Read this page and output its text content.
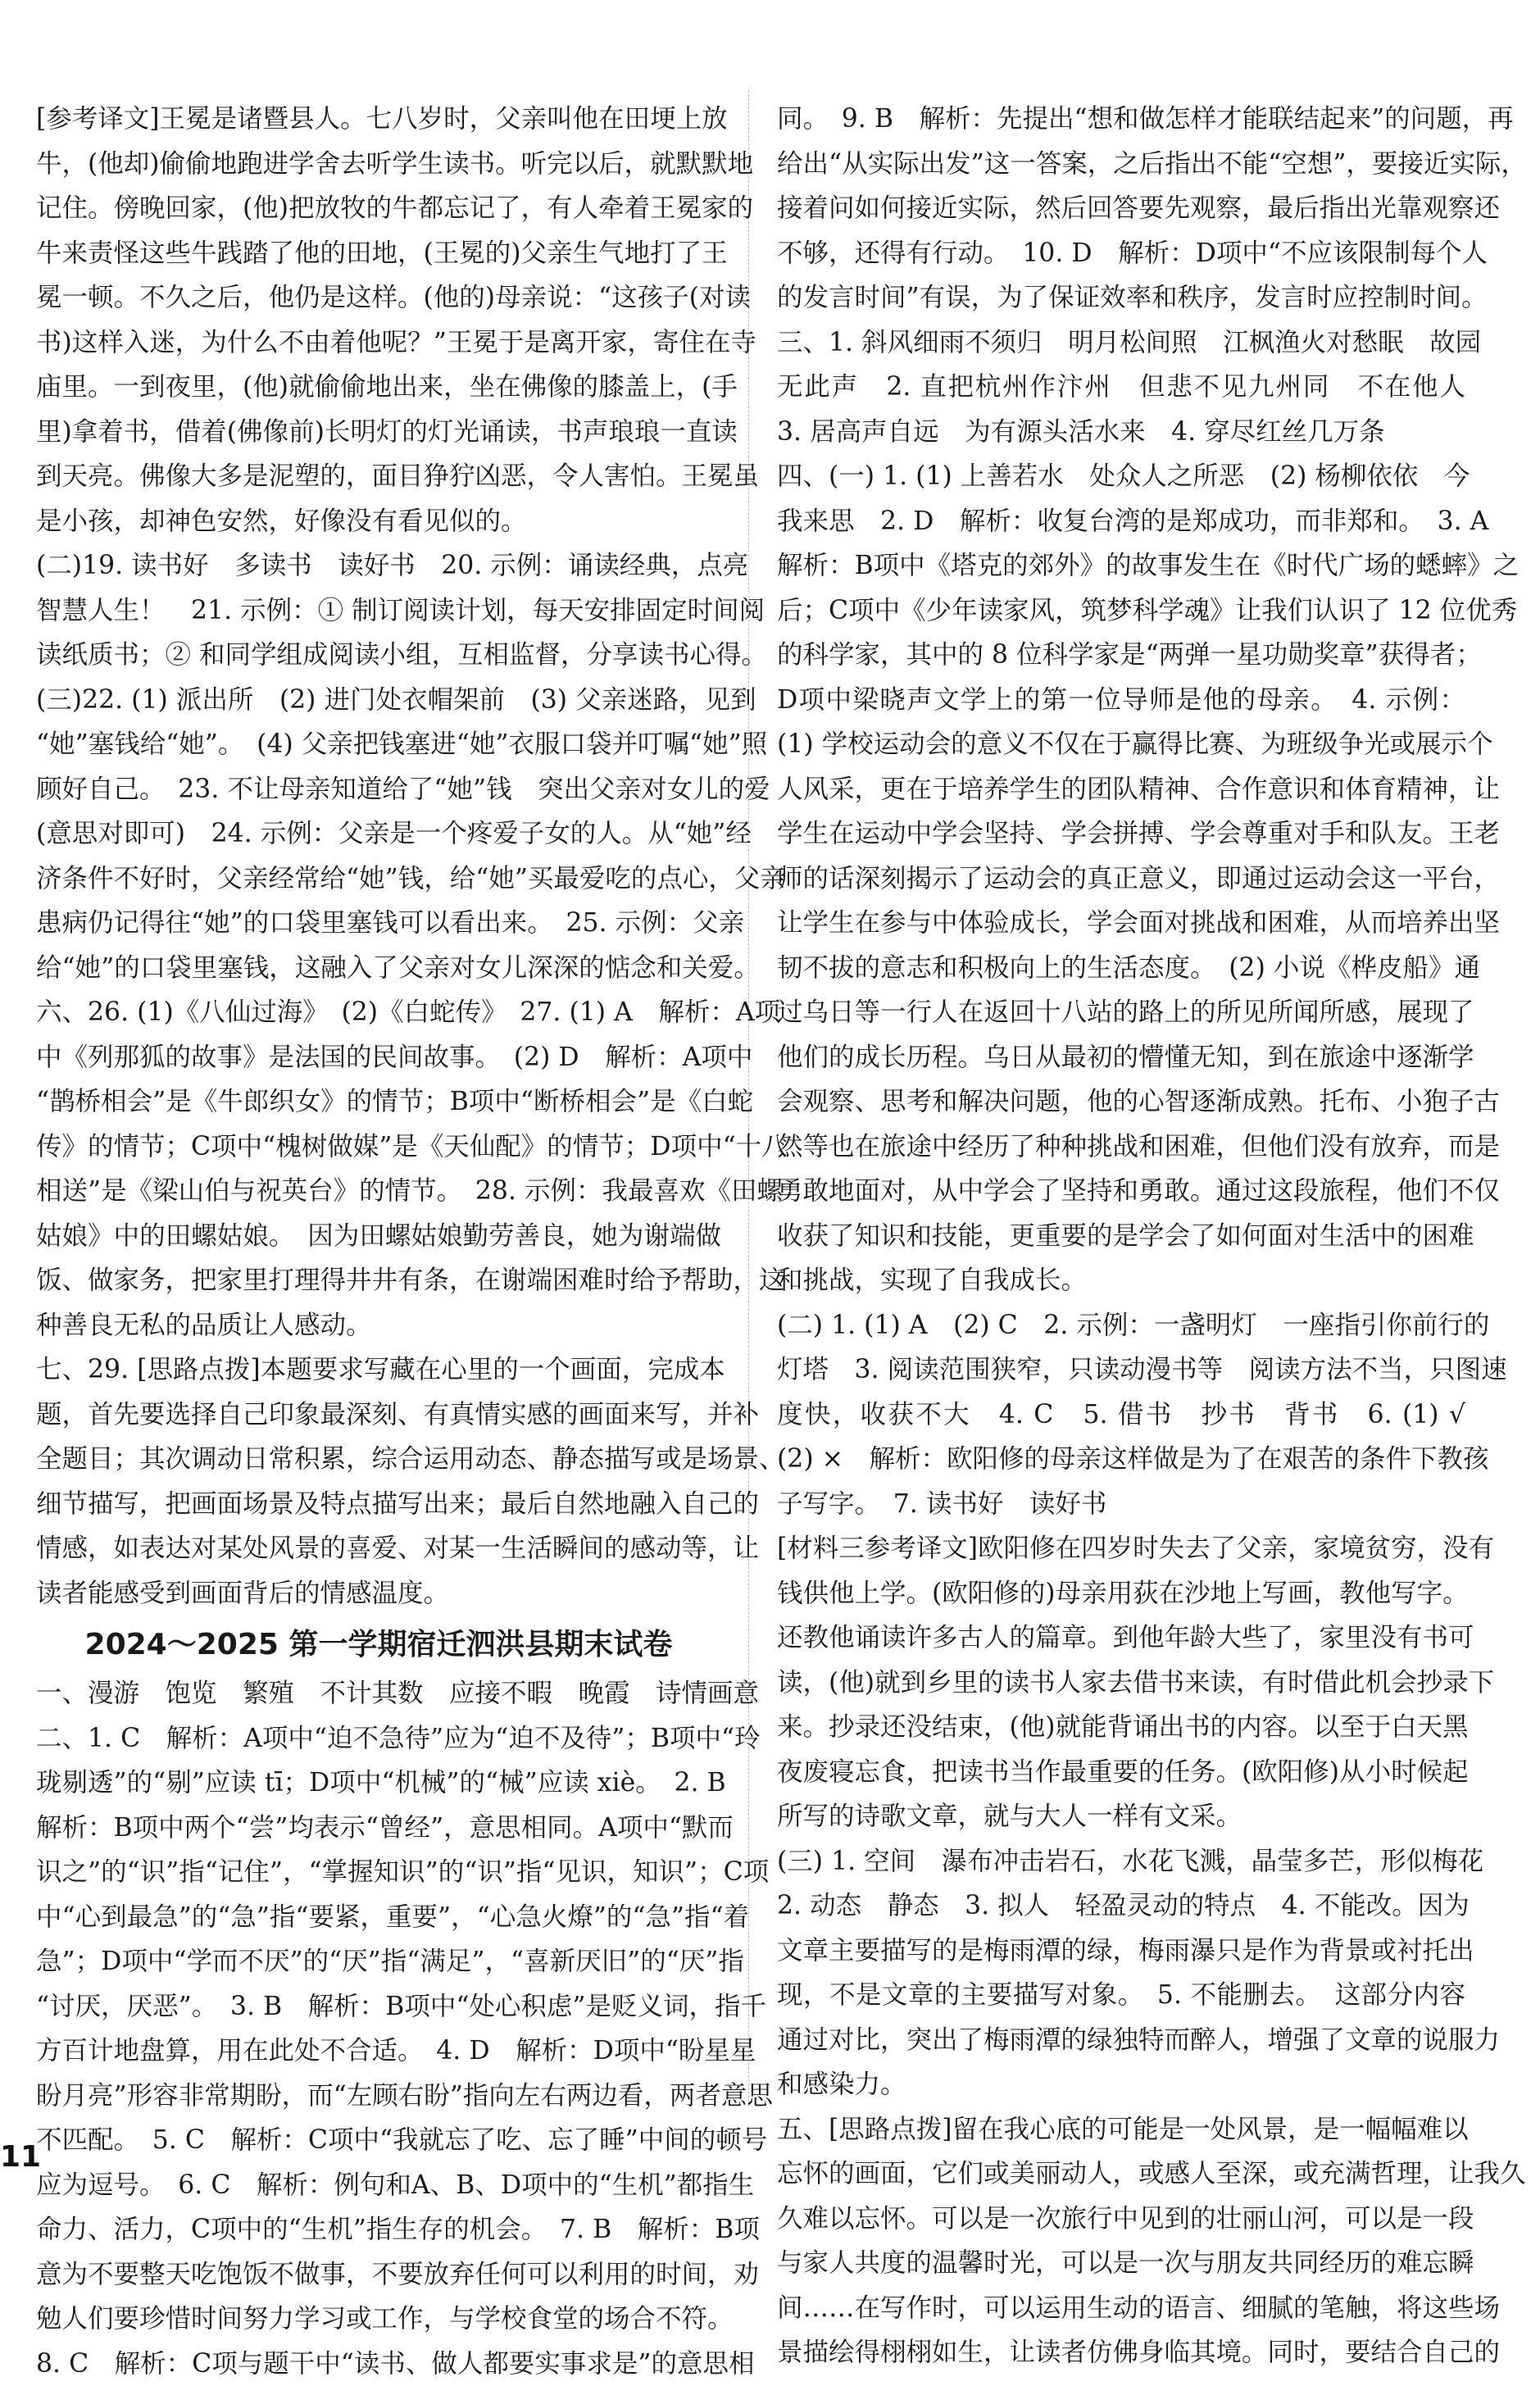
[参考译文]王冕是诸暨县人。七八岁时，父亲叫他在田埂上放

牛，(他却)偷偷地跑进学舍去听学生读书。听完以后，就默默地

记住。傍晚回家，(他)把放牧的牛都忘记了，有人牵着王冕家的

牛来责怪这些牛践踏了他的田地，(王冕的)父亲生气地打了王

冕一顿。不久之后，他仍是这样。(他的)母亲说：“这孩子(对读

书)这样入迷，为什么不由着他呢？”王冕于是离开家，寄住在寺

庙里。一到夜里，(他)就偷偷地出来，坐在佛像的膝盖上，(手

里)拿着书，借着(佛像前)长明灯的灯光诵读，书声琅琅一直读

到天亮。佛像大多是泥塑的，面目狰狞凶恶，令人害怕。王冕虽

是小孩，却神色安然，好像没有看见似的。

(二)19. 读书好　多读书　读好书　20. 示例：诵读经典，点亮

智慧人生！　21. 示例：① 制订阅读计划，每天安排固定时间阅

读纸质书；② 和同学组成阅读小组，互相监督，分享读书心得。

(三)22. (1) 派出所　(2) 进门处衣帽架前　(3) 父亲迷路，见到

“她”塞钱给“她”。　(4) 父亲把钱塞进“她”衣服口袋并叮嘱“她”照

顾好自己。　23. 不让母亲知道给了“她”钱　突出父亲对女儿的爱

(意思对即可)　24. 示例：父亲是一个疼爱子女的人。从“她”经

济条件不好时，父亲经常给“她”钱，给“她”买最爱吃的点心，父亲

患病仍记得往“她”的口袋里塞钱可以看出来。　25. 示例：父亲

给“她”的口袋里塞钱，这融入了父亲对女儿深深的惦念和关爱。

六、26. (1)《八仙过海》　(2)《白蛇传》　27. (1) A　解析：A项

中《列那狐的故事》是法国的民间故事。　(2) D　解析：A项中

“鹊桥相会”是《牛郎织女》的情节；B项中“断桥相会”是《白蛇

传》的情节；C项中“槐树做媒”是《天仙配》的情节；D项中“十八

相送”是《梁山伯与祝英台》的情节。　28. 示例：我最喜欢《田螺

姑娘》中的田螺姑娘。　因为田螺姑娘勤劳善良，她为谢端做

饭、做家务，把家里打理得井井有条，在谢端困难时给予帮助，这

种善良无私的品质让人感动。

七、29. [思路点拨]本题要求写藏在心里的一个画面，完成本

题，首先要选择自己印象最深刻、有真情实感的画面来写，并补

全题目；其次调动日常积累，综合运用动态、静态描写或是场景、

细节描写，把画面场景及特点描写出来；最后自然地融入自己的

情感，如表达对某处风景的喜爱、对某一生活瞬间的感动等，让

读者能感受到画面背后的情感温度。

2024～2025 第一学期宿迁泗洪县期末试卷

一、漫游　饱览　繁殖　不计其数　应接不暇　晚霞　诗情画意

二、1. C　解析：A项中“迫不急待”应为“迫不及待”；B项中“玲

珑剔透”的“剔”应读 tī；D项中“机械”的“械”应读 xiè。　2. B

解析：B项中两个“尝”均表示“曾经”，意思相同。A项中“默而

识之”的“识”指“记住”，“掌握知识”的“识”指“见识，知识”；C项

中“心到最急”的“急”指“要紧，重要”，“心急火燎”的“急”指“着

急”；D项中“学而不厌”的“厌”指“满足”，“喜新厌旧”的“厌”指

“讨厌，厌恶”。　3. B　解析：B项中“处心积虑”是贬义词，指千

方百计地盘算，用在此处不合适。　4. D　解析：D项中“盼星星

盼月亮”形容非常期盼，而“左顾右盼”指向左右两边看，两者意思

不匹配。　5. C　解析：C项中“我就忘了吃、忘了睡”中间的顿号

应为逗号。　6. C　解析：例句和A、B、D项中的“生机”都指生

命力、活力，C项中的“生机”指生存的机会。　7. B　解析：B项

意为不要整天吃饱饭不做事，不要放弃任何可以利用的时间，劝

勉人们要珍惜时间努力学习或工作，与学校食堂的场合不符。

8. C　解析：C项与题干中“读书、做人都要实事求是”的意思相

同。　9. B　解析：先提出“想和做怎样才能联结起来”的问题，再

给出“从实际出发”这一答案，之后指出不能“空想”，要接近实际，

接着问如何接近实际，然后回答要先观察，最后指出光靠观察还

不够，还得有行动。　10. D　解析：D项中“不应该限制每个人

的发言时间”有误，为了保证效率和秩序，发言时应控制时间。

三、1. 斜风细雨不须归　明月松间照　江枫渔火对愁眠　故园

无此声　2. 直把杭州作汴州　但悲不见九州同　不在他人

3. 居高声自远　为有源头活水来　4. 穿尽红丝几万条

四、(一) 1. (1) 上善若水　处众人之所恶　(2) 杨柳依依　今

我来思　2. D　解析：收复台湾的是郑成功，而非郑和。　3. A

解析：B项中《塔克的郊外》的故事发生在《时代广场的蟋蟀》之

后；C项中《少年读家风，筑梦科学魂》让我们认识了 12 位优秀

的科学家，其中的 8 位科学家是“两弹一星功勋奖章”获得者；

D项中梁晓声文学上的第一位导师是他的母亲。　4. 示例：

(1) 学校运动会的意义不仅在于赢得比赛、为班级争光或展示个

人风采，更在于培养学生的团队精神、合作意识和体育精神，让

学生在运动中学会坚持、学会拼搏、学会尊重对手和队友。王老

师的话深刻揭示了运动会的真正意义，即通过运动会这一平台，

让学生在参与中体验成长，学会面对挑战和困难，从而培养出坚

韧不拔的意志和积极向上的生活态度。　(2) 小说《桦皮船》通

过乌日等一行人在返回十八站的路上的所见所闻所感，展现了

他们的成长历程。乌日从最初的懵懂无知，到在旅途中逐渐学

会观察、思考和解决问题，他的心智逐渐成熟。托布、小狍子古

然等也在旅途中经历了种种挑战和困难，但他们没有放弃，而是

勇敢地面对，从中学会了坚持和勇敢。通过这段旅程，他们不仅

收获了知识和技能，更重要的是学会了如何面对生活中的困难

和挑战，实现了自我成长。

(二) 1. (1) A　(2) C　2. 示例：一盏明灯　一座指引你前行的

灯塔　3. 阅读范围狭窄，只读动漫书等　阅读方法不当，只图速

度快，收获不大　4. C　5. 借书　抄书　背书　6. (1) √

(2) ×　解析：欧阳修的母亲这样做是为了在艰苦的条件下教孩

子写字。　7. 读书好　读好书

[材料三参考译文]欧阳修在四岁时失去了父亲，家境贫穷，没有

钱供他上学。(欧阳修的)母亲用荻在沙地上写画，教他写字。

还教他诵读许多古人的篇章。到他年龄大些了，家里没有书可

读，(他)就到乡里的读书人家去借书来读，有时借此机会抄录下

来。抄录还没结束，(他)就能背诵出书的内容。以至于白天黑

夜废寝忘食，把读书当作最重要的任务。(欧阳修)从小时候起

所写的诗歌文章，就与大人一样有文采。

(三) 1. 空间　瀑布冲击岩石，水花飞溅，晶莹多芒，形似梅花

2. 动态　静态　3. 拟人　轻盈灵动的特点　4. 不能改。因为

文章主要描写的是梅雨潭的绿，梅雨瀑只是作为背景或衬托出

现，不是文章的主要描写对象。　5. 不能删去。　这部分内容

通过对比，突出了梅雨潭的绿独特而醉人，增强了文章的说服力

和感染力。

五、[思路点拨]留在我心底的可能是一处风景，是一幅幅难以

忘怀的画面，它们或美丽动人，或感人至深，或充满哲理，让我久

久难以忘怀。可以是一次旅行中见到的壮丽山河，可以是一段

与家人共度的温馨时光，可以是一次与朋友共同经历的难忘瞬

间……在写作时，可以运用生动的语言、细腻的笔触，将这些场

景描绘得栩栩如生，让读者仿佛身临其境。同时，要结合自己的

11
